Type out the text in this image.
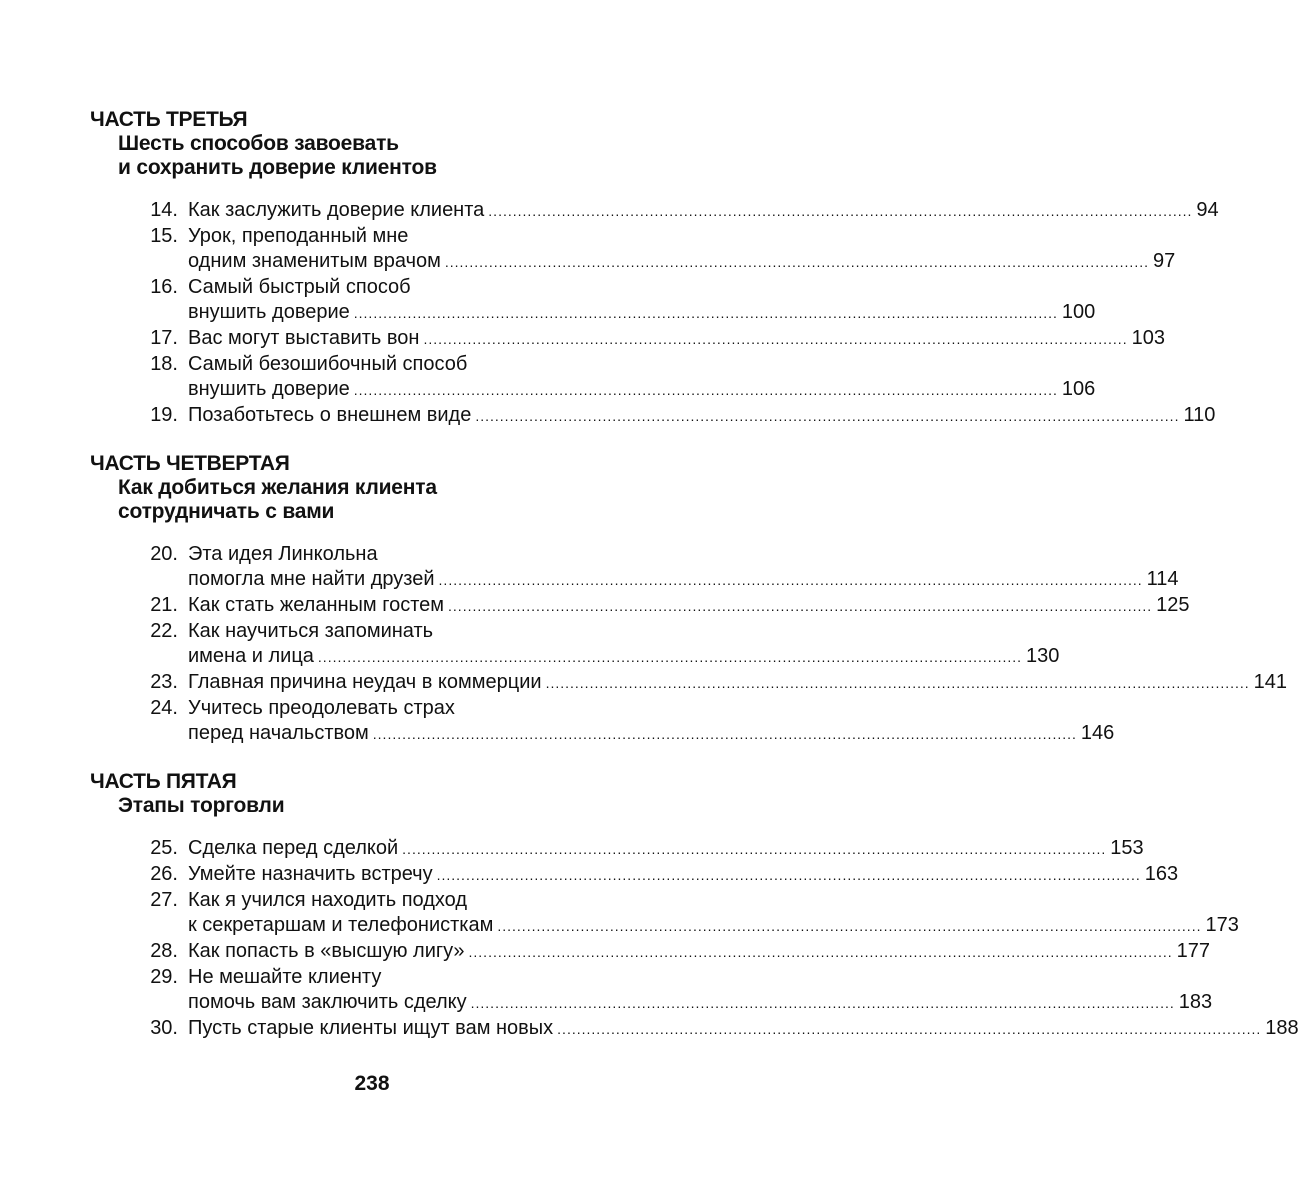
ЧАСТЬ ТРЕТЬЯ
Шесть способов завоевать
и сохранить доверие клиентов
14. Как заслужить доверие клиента .....	94
15. Урок, преподанный мне
одним знаменитым врачом .....	97
16. Самый быстрый способ
внушить доверие .....	100
17. Вас могут выставить вон .....	103
18. Самый безошибочный способ
внушить доверие .....	106
19. Позаботьтесь о внешнем виде .....	110
ЧАСТЬ ЧЕТВЕРТАЯ
Как добиться желания клиента
сотрудничать с вами
20. Эта идея Линкольна
помогла мне найти друзей .....	114
21. Как стать желанным гостем .....	125
22. Как научиться запоминать
имена и лица .....	130
23. Главная причина неудач в коммерции .....	141
24. Учитесь преодолевать страх
перед начальством .....	146
ЧАСТЬ ПЯТАЯ
Этапы торговли
25. Сделка перед сделкой .....	153
26. Умейте назначить встречу .....	163
27. Как я учился находить подход
к секретаршам и телефонисткам .....	173
28. Как попасть в «высшую лигу» .....	177
29. Не мешайте клиенту
помочь вам заключить сделку .....	183
30. Пусть старые клиенты ищут вам новых .....	188
238
